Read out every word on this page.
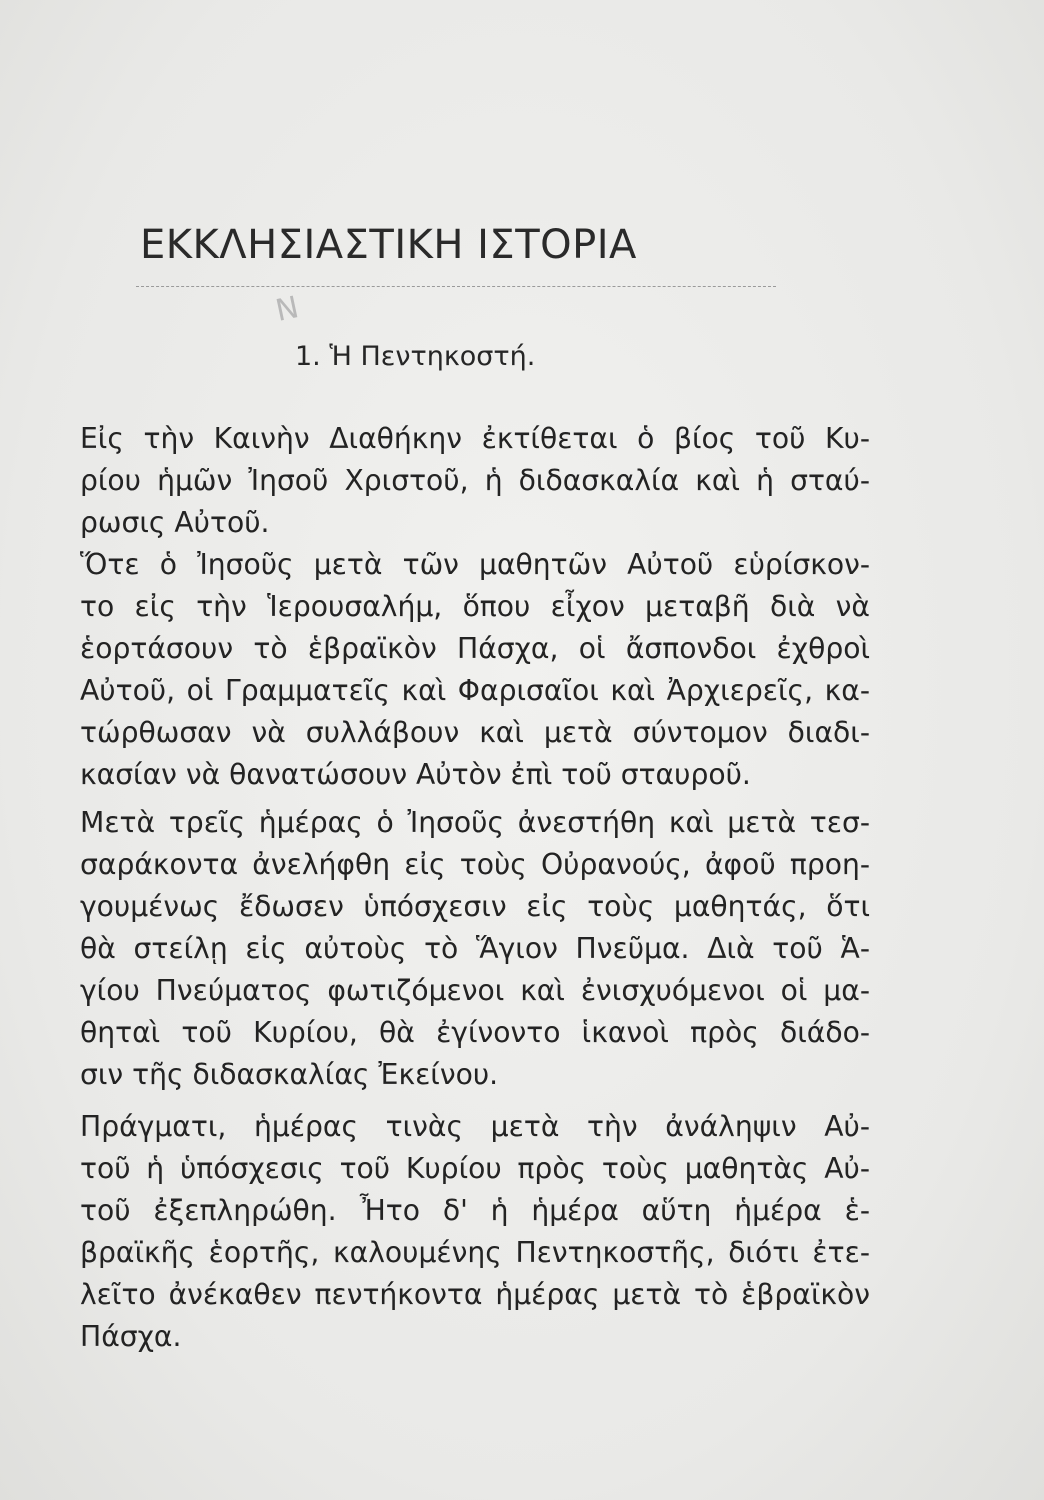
ΕΚΚΛΗΣΙΑΣΤΙΚΗ ΙΣΤΟΡΙΑ
Ν
1. Ἡ Πεντηκοστή.

Εἰς τὴν Καινὴν Διαθήκην ἐκτίθεται ὁ βίος τοῦ Κυ-

ρίου ἡμῶν Ἰησοῦ Χριστοῦ, ἡ διδασκαλία καὶ ἡ σταύ-

ρωσις Αὐτοῦ.

Ὅτε ὁ Ἰησοῦς μετὰ τῶν μαθητῶν Αὐτοῦ εὑρίσκον-

το εἰς τὴν Ἱερουσαλήμ, ὅπου εἶχον μεταβῆ διὰ νὰ

ἑορτάσουν τὸ ἑβραϊκὸν Πάσχα, οἱ ἄσπονδοι ἐχθροὶ

Αὐτοῦ, οἱ Γραμματεῖς καὶ Φαρισαῖοι καὶ Ἀρχιερεῖς, κα-

τώρθωσαν νὰ συλλάβουν καὶ μετὰ σύντομον διαδι-

κασίαν νὰ θανατώσουν Αὐτὸν ἐπὶ τοῦ σταυροῦ.

Μετὰ τρεῖς ἡμέρας ὁ Ἰησοῦς ἀνεστήθη καὶ μετὰ τεσ-

σαράκοντα ἀνελήφθη εἰς τοὺς Οὐρανούς, ἀφοῦ προη-

γουμένως ἔδωσεν ὑπόσχεσιν εἰς τοὺς μαθητάς, ὅτι

θὰ στείλῃ εἰς αὐτοὺς τὸ Ἅγιον Πνεῦμα. Διὰ τοῦ Ἁ-

γίου Πνεύματος φωτιζόμενοι καὶ ἐνισχυόμενοι οἱ μα-

θηταὶ τοῦ Κυρίου, θὰ ἐγίνοντο ἱκανοὶ πρὸς διάδο-

σιν τῆς διδασκαλίας Ἐκείνου.

Πράγματι, ἡμέρας τινὰς μετὰ τὴν ἀνάληψιν Αὐ-

τοῦ ἡ ὑπόσχεσις τοῦ Κυρίου πρὸς τοὺς μαθητὰς Αὐ-

τοῦ ἐξεπληρώθη. Ἦτο δ' ἡ ἡμέρα αὕτη ἡμέρα ἑ-

βραϊκῆς ἑορτῆς, καλουμένης Πεντηκοστῆς, διότι ἐτε-

λεῖτο ἀνέκαθεν πεντήκοντα ἡμέρας μετὰ τὸ ἑβραϊκὸν

Πάσχα.
